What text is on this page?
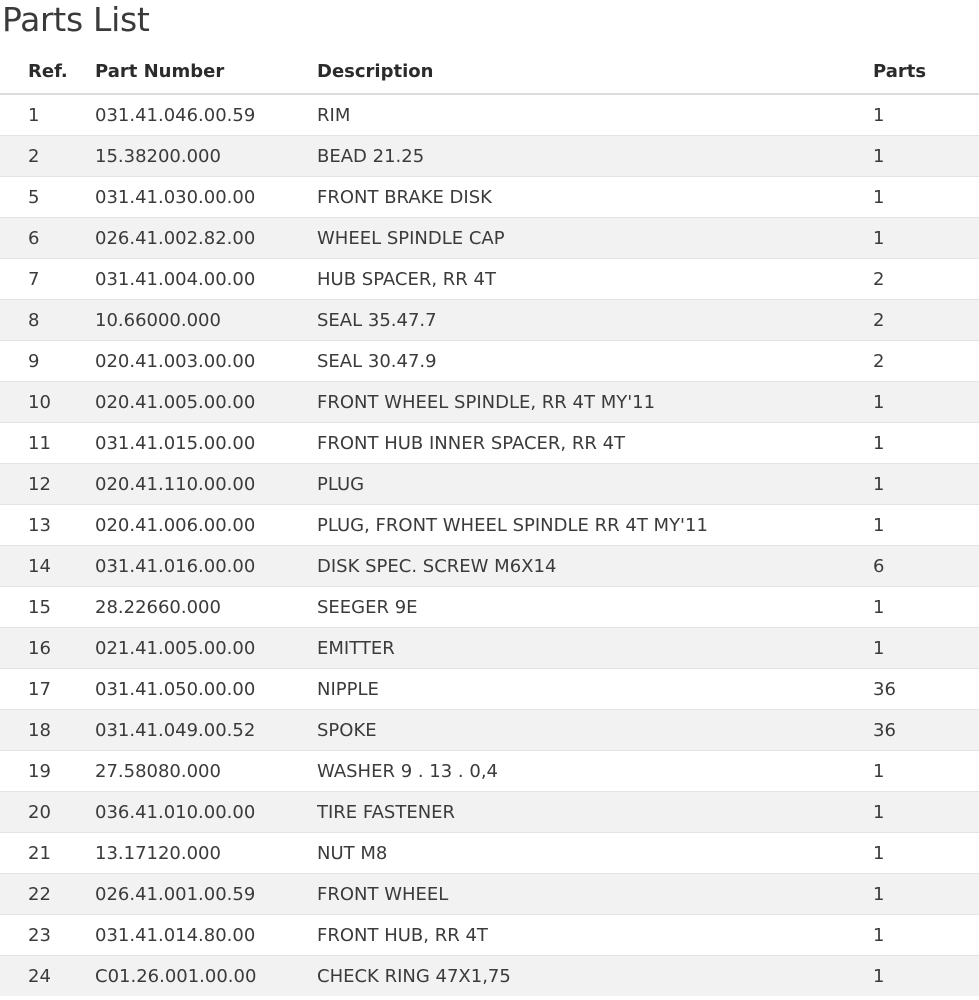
Parts List
Ref.	Part Number	Description	Parts
1	031.41.046.00.59	RIM	1
2	15.38200.000	BEAD 21.25	1
5	031.41.030.00.00	FRONT BRAKE DISK	1
6	026.41.002.82.00	WHEEL SPINDLE CAP	1
7	031.41.004.00.00	HUB SPACER, RR 4T	2
8	10.66000.000	SEAL 35.47.7	2
9	020.41.003.00.00	SEAL 30.47.9	2
10	020.41.005.00.00	FRONT WHEEL SPINDLE, RR 4T MY'11	1
11	031.41.015.00.00	FRONT HUB INNER SPACER, RR 4T	1
12	020.41.110.00.00	PLUG	1
13	020.41.006.00.00	PLUG, FRONT WHEEL SPINDLE RR 4T MY'11	1
14	031.41.016.00.00	DISK SPEC. SCREW M6X14	6
15	28.22660.000	SEEGER 9E	1
16	021.41.005.00.00	EMITTER	1
17	031.41.050.00.00	NIPPLE	36
18	031.41.049.00.52	SPOKE	36
19	27.58080.000	WASHER 9 . 13 . 0,4	1
20	036.41.010.00.00	TIRE FASTENER	1
21	13.17120.000	NUT M8	1
22	026.41.001.00.59	FRONT WHEEL	1
23	031.41.014.80.00	FRONT HUB, RR 4T	1
24	C01.26.001.00.00	CHECK RING 47X1,75	1
